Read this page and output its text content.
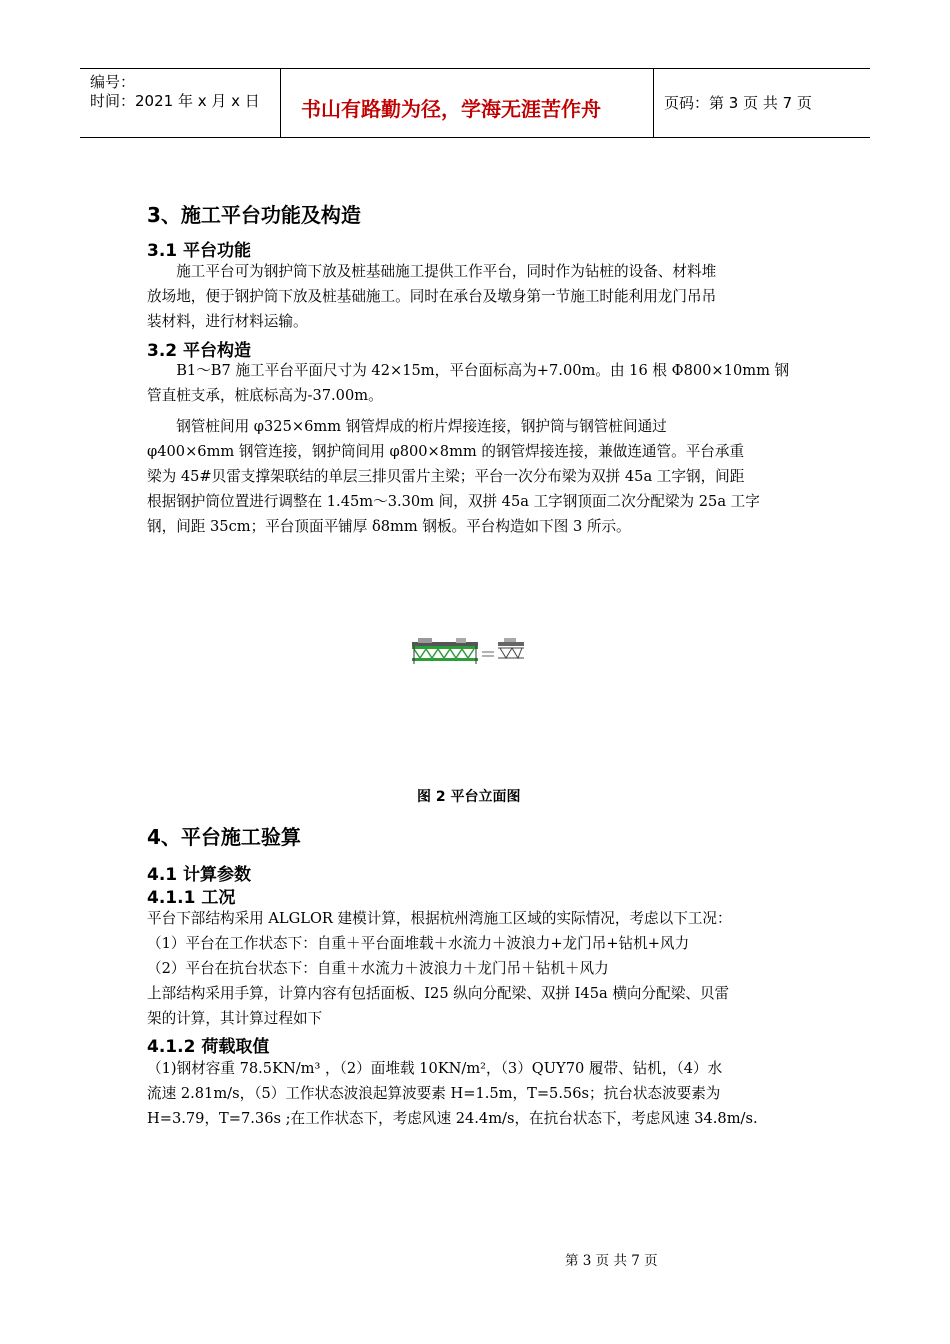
编号：
时间：2021 年 x 月 x 日 书山有路勤为径，学海无涯苦作舟	页码：第 3 页 共 7 页
3、施工平台功能及构造
3.1 平台功能
　　施工平台可为钢护筒下放及桩基础施工提供工作平台，同时作为钻桩的设备、材料堆
放场地，便于钢护筒下放及桩基础施工。同时在承台及墩身第一节施工时能利用龙门吊吊
装材料，进行材料运输。
3.2 平台构造
　　B1～B7 施工平台平面尺寸为 42×15m，平台面标高为+7.00m。由 16 根 Φ800×10mm 钢
管直桩支承，桩底标高为-37.00m。
　　钢管桩间用 φ325×6mm 钢管焊成的桁片焊接连接，钢护筒与钢管桩间通过
φ400×6mm 钢管连接，钢护筒间用 φ800×8mm 的钢管焊接连接，兼做连通管。平台承重
梁为 45#贝雷支撑架联结的单层三排贝雷片主梁；平台一次分布梁为双拼 45a 工字钢，间距
根据钢护筒位置进行调整在 1.45m～3.30m 间，双拼 45a 工字钢顶面二次分配梁为 25a 工字
钢，间距 35cm；平台顶面平铺厚 δ8mm 钢板。平台构造如下图 3 所示。
图 2 平台立面图
4、平台施工验算
4.1 计算参数
4.1.1 工况
平台下部结构采用 ALGLOR 建模计算，根据杭州湾施工区域的实际情况，考虑以下工况：
（1）平台在工作状态下：自重＋平台面堆载＋水流力＋波浪力+龙门吊+钻机+风力
（2）平台在抗台状态下：自重＋水流力＋波浪力＋龙门吊＋钻机＋风力
上部结构采用手算，计算内容有包括面板、I25 纵向分配梁、双拼 I45a 横向分配梁、贝雷
架的计算，其计算过程如下
4.1.2 荷载取值
（1)钢材容重 78.5KN/m³ ，（2）面堆载 10KN/m²，（3）QUY70 履带、钻机，（4）水
流速 2.81m/s，（5）工作状态波浪起算波要素 H=1.5m，T=5.56s；抗台状态波要素为
H=3.79，T=7.36s ;在工作状态下，考虑风速 24.4m/s，在抗台状态下，考虑风速 34.8m/s.
第 3 页 共 7 页
